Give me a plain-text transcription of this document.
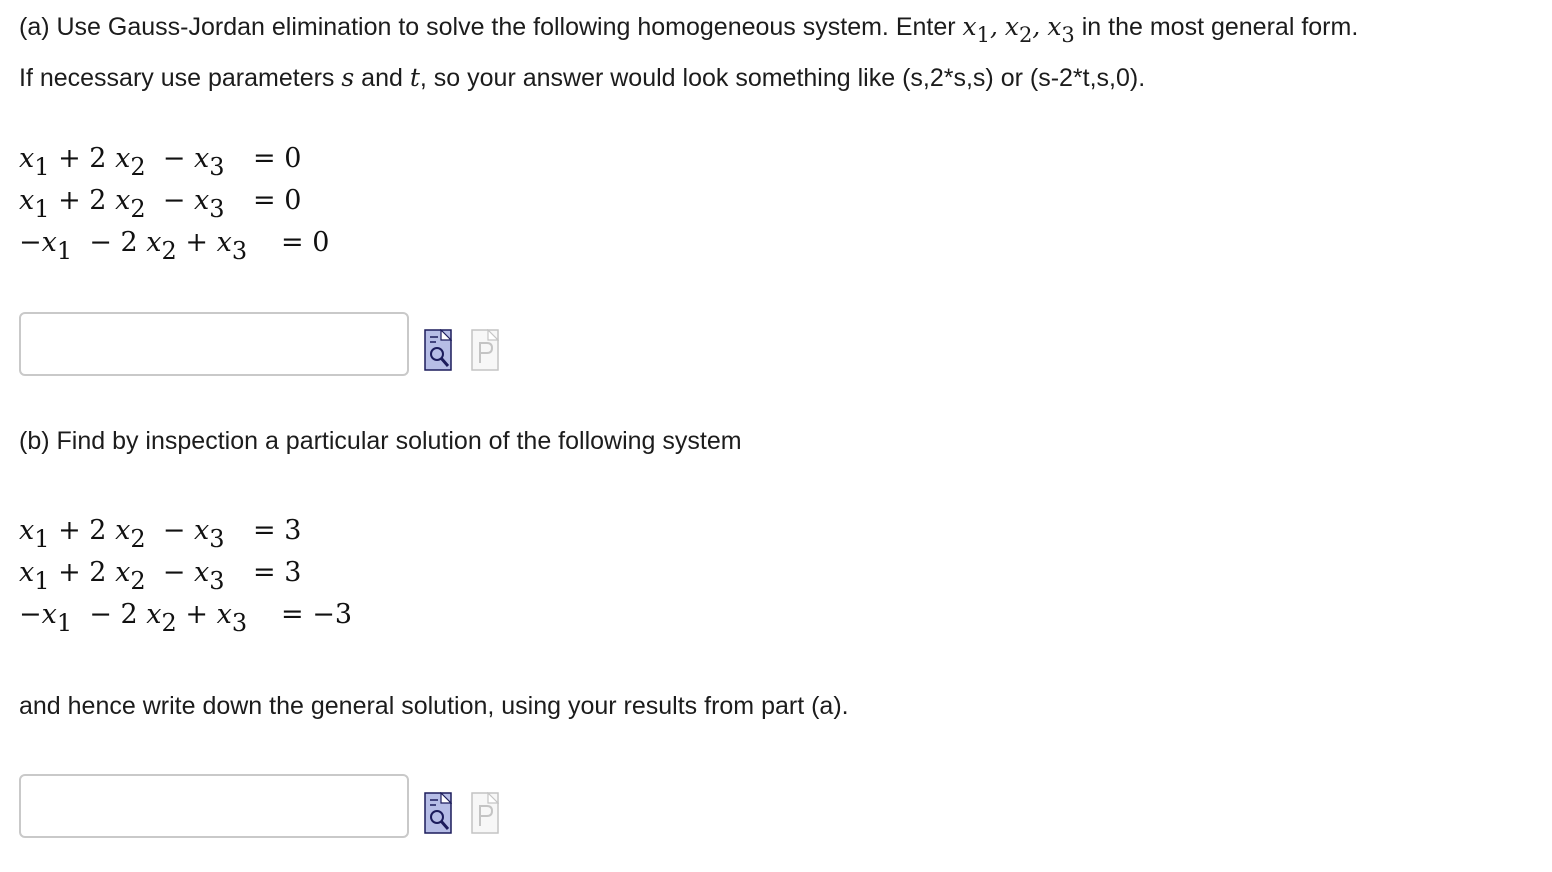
(a) Use Gauss-Jordan elimination to solve the following homogeneous system. Enter $x_1$, $x_2$, $x_3$ in the most general form.
If necessary use parameters s and t, so your answer would look something like (s,2*s,s) or (s-2*t,s,0).
x1 + 2 x2  − x3 = 0
x1 + 2 x2  − x3 = 0
−x1  − 2 x2 + x3 = 0
(b) Find by inspection a particular solution of the following system
x1 + 2 x2  − x3 = 3
x1 + 2 x2  − x3 = 3
−x1  − 2 x2 + x3 = −3
and hence write down the general solution, using your results from part (a).
